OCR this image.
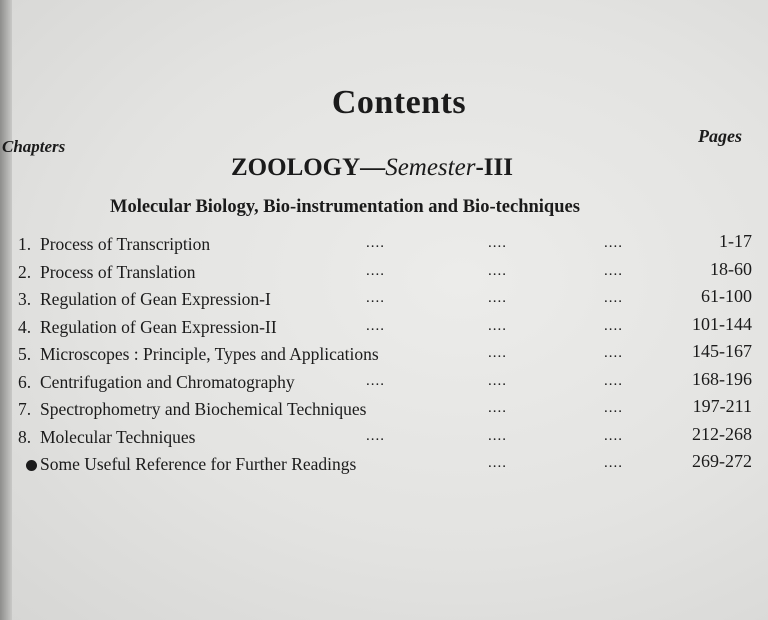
Contents
Chapters
Pages
ZOOLOGY—Semester-III
Molecular Biology, Bio-instrumentation and Bio-techniques
1. Process of Transcription	....	....	....	1-17
2. Process of Translation	....	....	....	18-60
3. Regulation of Gean Expression-I	....	....	....	61-100
4. Regulation of Gean Expression-II	....	....	....	101-144
5. Microscopes : Principle, Types and Applications	....	....	145-167
6. Centrifugation and Chromatography	....	....	....	168-196
7. Spectrophometry and Biochemical Techniques	....	....	197-211
8. Molecular Techniques	....	....	....	212-268
Some Useful Reference for Further Readings	....	....	269-272
